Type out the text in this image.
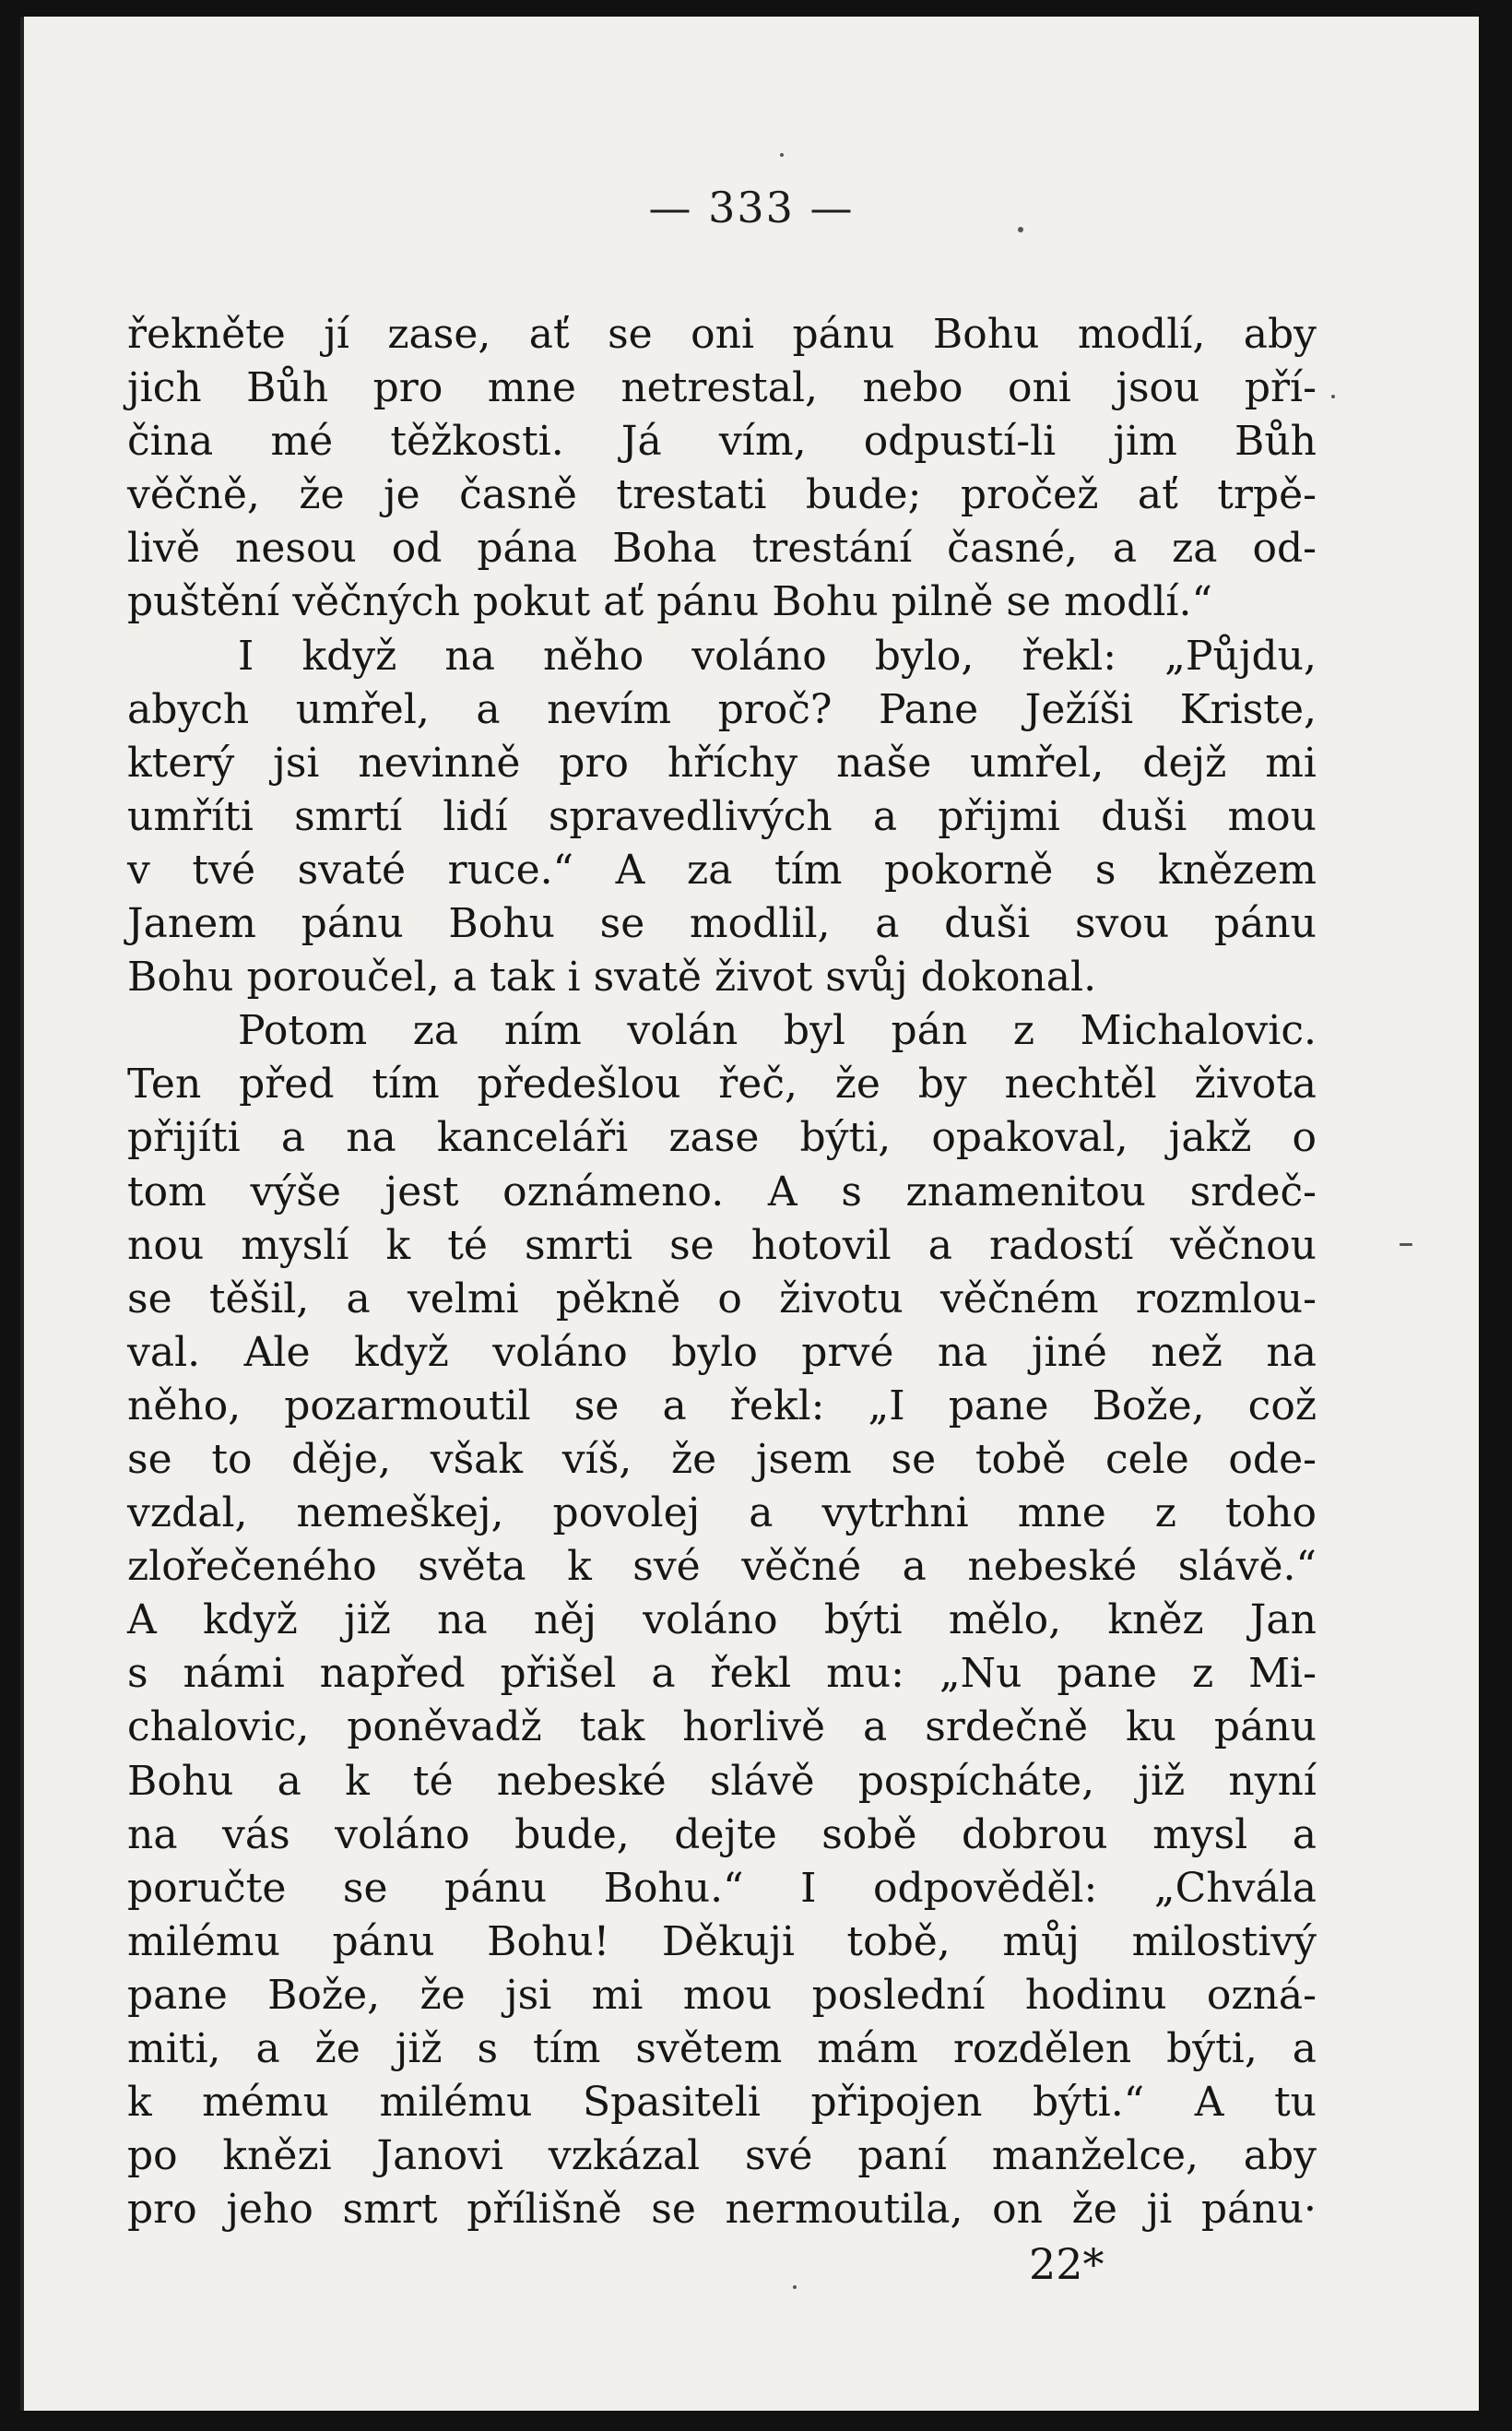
— 333 —
řekněte jí zase, ať se oni pánu Bohu modlí, aby
jich Bůh pro mne netrestal, nebo oni jsou pří-
čina mé těžkosti. Já vím, odpustí-li jim Bůh
věčně, že je časně trestati bude; pročež ať trpě-
livě nesou od pána Boha trestání časné, a za od-
puštění věčných pokut ať pánu Bohu pilně se modlí.“
I když na něho voláno bylo, řekl: „Půjdu,
abych umřel, a nevím proč? Pane Ježíši Kriste,
který jsi nevinně pro hříchy naše umřel, dejž mi
umříti smrtí lidí spravedlivých a přijmi duši mou
v tvé svaté ruce.“ A za tím pokorně s knězem
Janem pánu Bohu se modlil, a duši svou pánu
Bohu poroučel, a tak i svatě život svůj dokonal.
Potom za ním volán byl pán z Michalovic.
Ten před tím předešlou řeč, že by nechtěl života
přijíti a na kanceláři zase býti, opakoval, jakž o
tom výše jest oznámeno. A s znamenitou srdeč-
nou myslí k té smrti se hotovil a radostí věčnou
se těšil, a velmi pěkně o životu věčném rozmlou-
val. Ale když voláno bylo prvé na jiné než na
něho, pozarmoutil se a řekl: „I pane Bože, což
se to děje, však víš, že jsem se tobě cele ode-
vzdal, nemeškej, povolej a vytrhni mne z toho
zlořečeného světa k své věčné a nebeské slávě.“
A když již na něj voláno býti mělo, kněz Jan
s námi napřed přišel a řekl mu: „Nu pane z Mi-
chalovic, poněvadž tak horlivě a srdečně ku pánu
Bohu a k té nebeské slávě pospícháte, již nyní
na vás voláno bude, dejte sobě dobrou mysl a
poručte se pánu Bohu.“ I odpověděl: „Chvála
milému pánu Bohu! Děkuji tobě, můj milostivý
pane Bože, že jsi mi mou poslední hodinu ozná-
miti, a že již s tím světem mám rozdělen býti, a
k mému milému Spasiteli připojen býti.“ A tu
po knězi Janovi vzkázal své paní manželce, aby
pro jeho smrt přílišně se nermoutila, on že ji pánu·
22*
